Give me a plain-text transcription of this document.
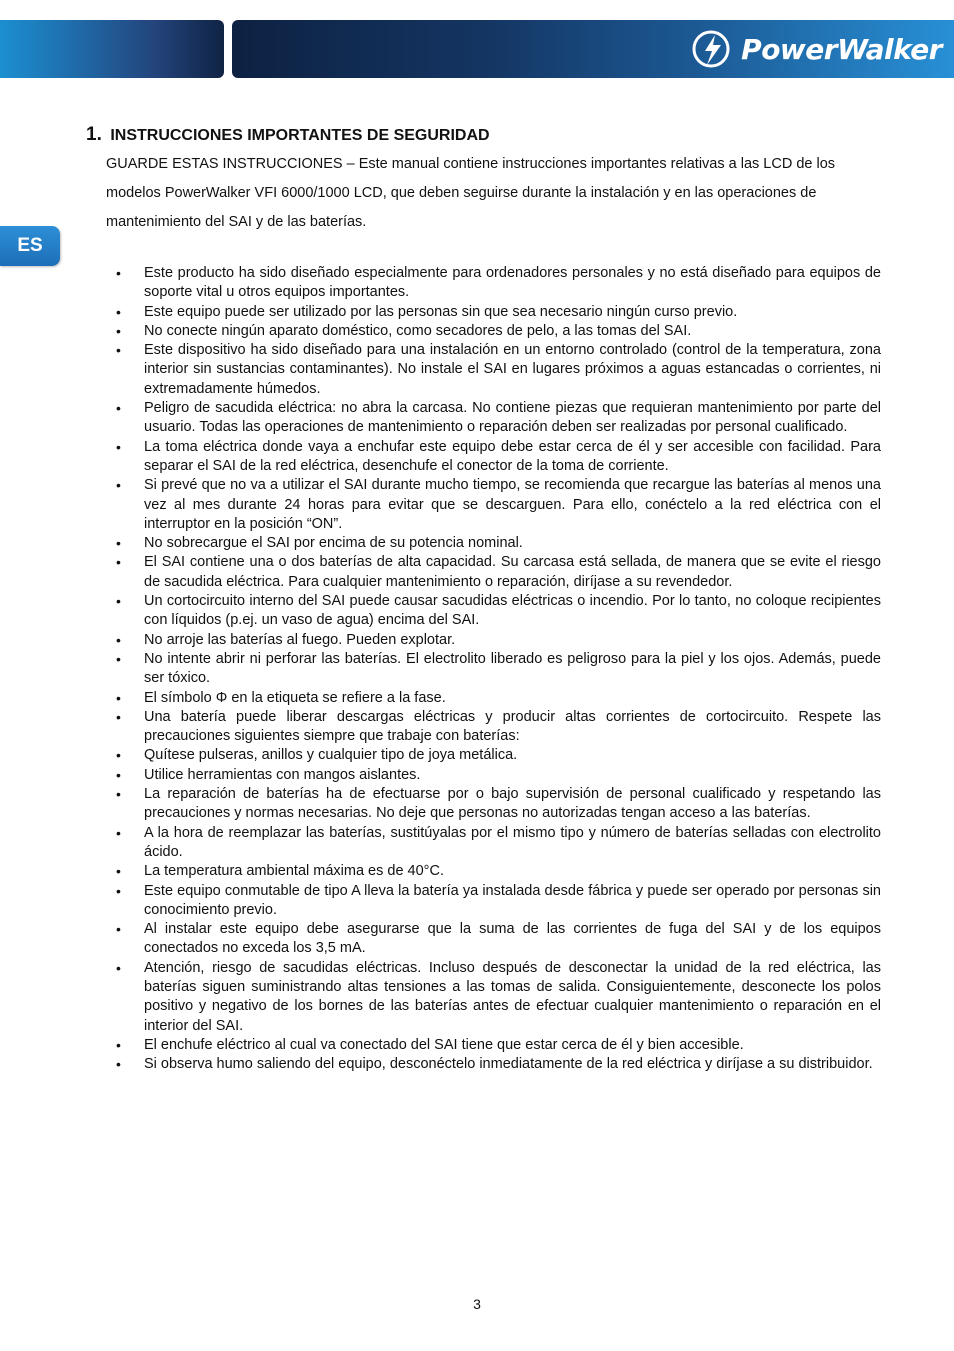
PowerWalker
ES
1. INSTRUCCIONES IMPORTANTES DE SEGURIDAD

GUARDE ESTAS INSTRUCCIONES – Este manual contiene instrucciones importantes relativas a las LCD de los modelos PowerWalker VFI 6000/1000 LCD, que deben seguirse durante la instalación y en las operaciones de mantenimiento del SAI y de las baterías.

• Este producto ha sido diseñado especialmente para ordenadores personales y no está diseñado para equipos de soporte vital u otros equipos importantes.
• Este equipo puede ser utilizado por las personas sin que sea necesario ningún curso previo.
• No conecte ningún aparato doméstico, como secadores de pelo, a las tomas del SAI.
• Este dispositivo ha sido diseñado para una instalación en un entorno controlado (control de la temperatura, zona interior sin sustancias contaminantes). No instale el SAI en lugares próximos a aguas estancadas o corrientes, ni extremadamente húmedos.
• Peligro de sacudida eléctrica: no abra la carcasa. No contiene piezas que requieran mantenimiento por parte del usuario. Todas las operaciones de mantenimiento o reparación deben ser realizadas por personal cualificado.
• La toma eléctrica donde vaya a enchufar este equipo debe estar cerca de él y ser accesible con facilidad. Para separar el SAI de la red eléctrica, desenchufe el conector de la toma de corriente.
• Si prevé que no va a utilizar el SAI durante mucho tiempo, se recomienda que recargue las baterías al menos una vez al mes durante 24 horas para evitar que se descarguen. Para ello, conéctelo a la red eléctrica con el interruptor en la posición “ON”.
• No sobrecargue el SAI por encima de su potencia nominal.
• El SAI contiene una o dos baterías de alta capacidad. Su carcasa está sellada, de manera que se evite el riesgo de sacudida eléctrica. Para cualquier mantenimiento o reparación, diríjase a su revendedor.
• Un cortocircuito interno del SAI puede causar sacudidas eléctricas o incendio. Por lo tanto, no coloque recipientes con líquidos (p.ej. un vaso de agua) encima del SAI.
• No arroje las baterías al fuego. Pueden explotar.
• No intente abrir ni perforar las baterías. El electrolito liberado es peligroso para la piel y los ojos. Además, puede ser tóxico.
• El símbolo Φ en la etiqueta se refiere a la fase.
• Una batería puede liberar descargas eléctricas y producir altas corrientes de cortocircuito. Respete las precauciones siguientes siempre que trabaje con baterías:
• Quítese pulseras, anillos y cualquier tipo de joya metálica.
• Utilice herramientas con mangos aislantes.
• La reparación de baterías ha de efectuarse por o bajo supervisión de personal cualificado y respetando las precauciones y normas necesarias. No deje que personas no autorizadas tengan acceso a las baterías.
• A la hora de reemplazar las baterías, sustitúyalas por el mismo tipo y número de baterías selladas con electrolito ácido.
• La temperatura ambiental máxima es de 40°C.
• Este equipo conmutable de tipo A lleva la batería ya instalada desde fábrica y puede ser operado por personas sin conocimiento previo.
• Al instalar este equipo debe asegurarse que la suma de las corrientes de fuga del SAI y de los equipos conectados no exceda los 3,5 mA.
• Atención, riesgo de sacudidas eléctricas. Incluso después de desconectar la unidad de la red eléctrica, las baterías siguen suministrando altas tensiones a las tomas de salida. Consiguientemente, desconecte los polos positivo y negativo de los bornes de las baterías antes de efectuar cualquier mantenimiento o reparación en el interior del SAI.
• El enchufe eléctrico al cual va conectado del SAI tiene que estar cerca de él y bien accesible.
• Si observa humo saliendo del equipo, desconéctelo inmediatamente de la red eléctrica y diríjase a su distribuidor.
3
